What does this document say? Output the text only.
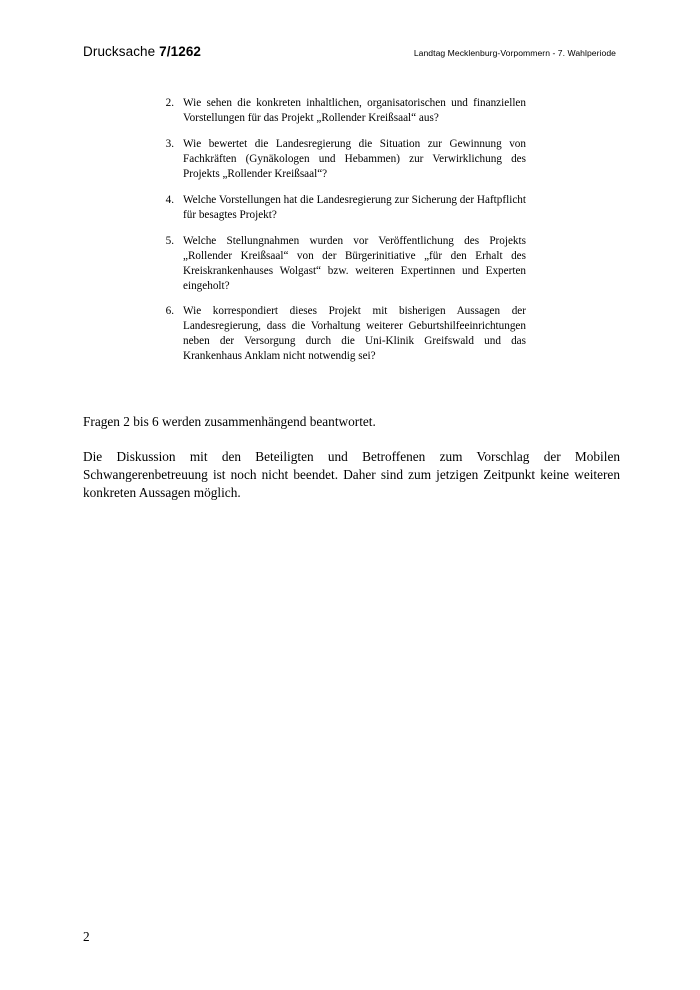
Drucksache 7/1262	Landtag Mecklenburg-Vorpommern - 7. Wahlperiode
2. Wie sehen die konkreten inhaltlichen, organisatorischen und finanziellen Vorstellungen für das Projekt „Rollender Kreißsaal“ aus?
3. Wie bewertet die Landesregierung die Situation zur Gewinnung von Fachkräften (Gynäkologen und Hebammen) zur Verwirklichung des Projekts „Rollender Kreißsaal“?
4. Welche Vorstellungen hat die Landesregierung zur Sicherung der Haftpflicht für besagtes Projekt?
5. Welche Stellungnahmen wurden vor Veröffentlichung des Projekts „Rollender Kreißsaal“ von der Bürgerinitiative „für den Erhalt des Kreiskrankenhauses Wolgast“ bzw. weiteren Expertinnen und Experten eingeholt?
6. Wie korrespondiert dieses Projekt mit bisherigen Aussagen der Landesregierung, dass die Vorhaltung weiterer Geburtshilfeeinrichtungen neben der Versorgung durch die Uni-Klinik Greifswald und das Krankenhaus Anklam nicht notwendig sei?

Fragen 2 bis 6 werden zusammenhängend beantwortet.

Die Diskussion mit den Beteiligten und Betroffenen zum Vorschlag der Mobilen Schwangerenbetreuung ist noch nicht beendet. Daher sind zum jetzigen Zeitpunkt keine weiteren konkreten Aussagen möglich.

2
